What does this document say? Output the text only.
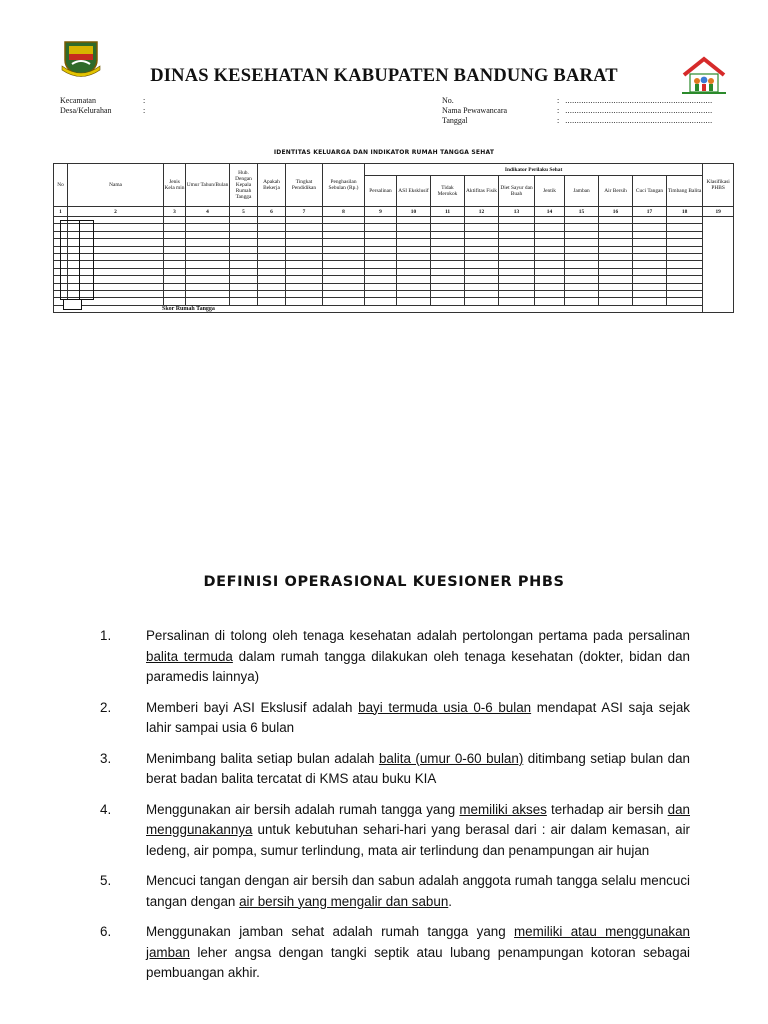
DINAS KESEHATAN KABUPATEN BANDUNG BARAT
Kecamatan	:
Desa/Kelurahan	:
No.	: ................................................................
Nama Pewawancara	: ................................................................
Tanggal	: ................................................................
IDENTITAS KELUARGA DAN INDIKATOR RUMAH TANGGA SEHAT
No	Nama	Jenis Kela min	Umur Tahun/Bulan	Hub. Dengan Kepala Rumah Tangga	Apakah Bekerja	Tingkat Pendidikan	Penghasilan Sebulan (Rp.)	Indikator Perilaku Sehat										Klasifikasi PHBS
								Persalinan	ASI Eksklusif	Tidak Merokok	Aktifitas Fisik	Diet Sayur dan Buah	Jentik	Jamban	Air Bersih	Cuci Tangan	Timbang Balita	
1	2	3	4	5	6	7	8	9	10	11	12	13	14	15	16	17	18	19

Skor Rumah Tangga																		
DEFINISI OPERASIONAL KUESIONER PHBS
1.	Persalinan di tolong oleh tenaga kesehatan adalah pertolongan pertama pada persalinan balita termuda dalam rumah tangga dilakukan oleh tenaga kesehatan (dokter, bidan dan paramedis lainnya)
2.	Memberi bayi ASI Ekslusif adalah bayi termuda usia 0-6 bulan mendapat ASI saja sejak lahir sampai usia 6 bulan
3.	Menimbang balita setiap bulan adalah balita (umur 0-60 bulan) ditimbang setiap bulan dan berat badan balita tercatat di KMS atau buku KIA
4.	Menggunakan air bersih adalah rumah tangga yang memiliki akses terhadap air bersih dan menggunakannya untuk kebutuhan sehari-hari yang berasal dari : air dalam kemasan, air ledeng, air pompa, sumur terlindung, mata air terlindung dan penampungan air hujan
5.	Mencuci tangan dengan air bersih dan sabun adalah anggota rumah tangga selalu mencuci tangan dengan air bersih yang mengalir dan sabun.
6.	Menggunakan jamban sehat adalah rumah tangga yang memiliki atau menggunakan jamban leher angsa dengan tangki septik atau lubang penampungan kotoran sebagai pembuangan akhir.
